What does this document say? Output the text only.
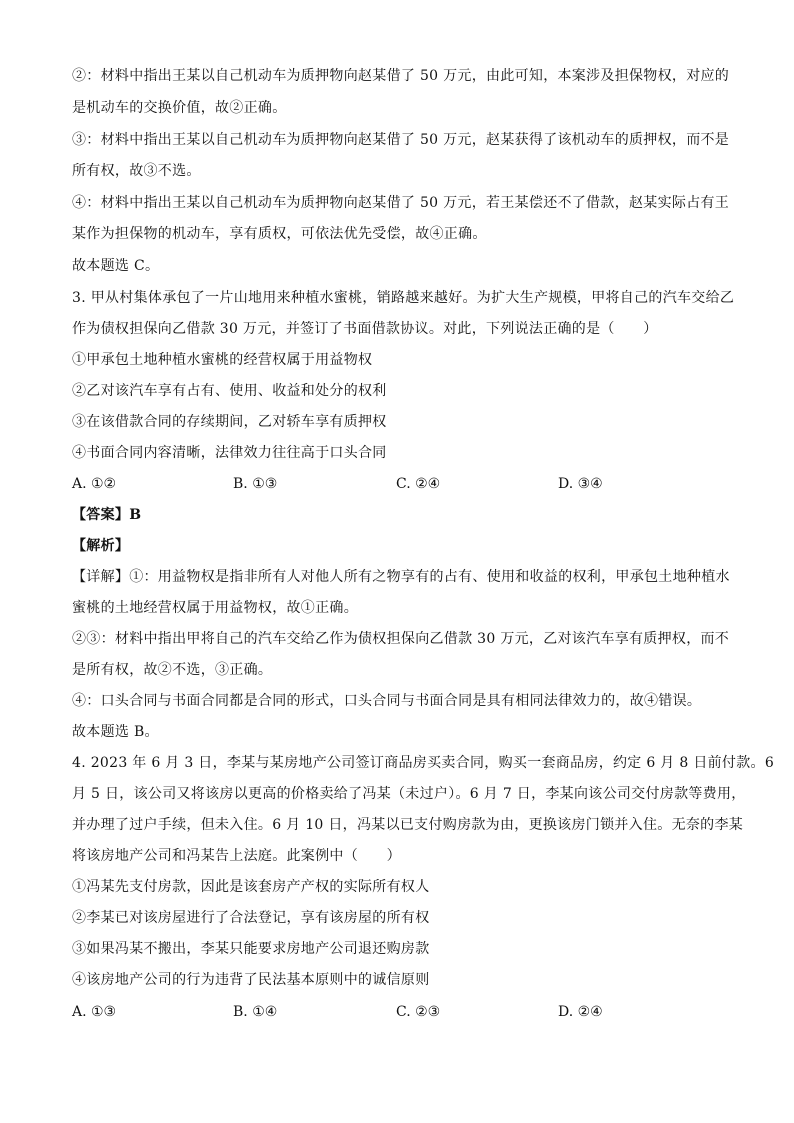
②：材料中指出王某以自己机动车为质押物向赵某借了 50 万元，由此可知，本案涉及担保物权，对应的
是机动车的交换价值，故②正确。
③：材料中指出王某以自己机动车为质押物向赵某借了 50 万元，赵某获得了该机动车的质押权，而不是
所有权，故③不选。
④：材料中指出王某以自己机动车为质押物向赵某借了 50 万元，若王某偿还不了借款，赵某实际占有王
某作为担保物的机动车，享有质权，可依法优先受偿，故④正确。
故本题选 C。
3. 甲从村集体承包了一片山地用来种植水蜜桃，销路越来越好。为扩大生产规模，甲将自己的汽车交给乙
作为债权担保向乙借款 30 万元，并签订了书面借款协议。对此，下列说法正确的是（　　）
①甲承包土地种植水蜜桃的经营权属于用益物权
②乙对该汽车享有占有、使用、收益和处分的权利
③在该借款合同的存续期间，乙对轿车享有质押权
④书面合同内容清晰，法律效力往往高于口头合同
A. ①②	B. ①③	C. ②④	D. ③④
【答案】B
【解析】
【详解】①：用益物权是指非所有人对他人所有之物享有的占有、使用和收益的权利，甲承包土地种植水
蜜桃的土地经营权属于用益物权，故①正确。
②③：材料中指出甲将自己的汽车交给乙作为债权担保向乙借款 30 万元，乙对该汽车享有质押权，而不
是所有权，故②不选，③正确。
④：口头合同与书面合同都是合同的形式，口头合同与书面合同是具有相同法律效力的，故④错误。
故本题选 B。
4. 2023 年 6 月 3 日，李某与某房地产公司签订商品房买卖合同，购买一套商品房，约定 6 月 8 日前付款。6
月 5 日，该公司又将该房以更高的价格卖给了冯某（未过户）。6 月 7 日，李某向该公司交付房款等费用，
并办理了过户手续，但未入住。6 月 10 日，冯某以已支付购房款为由，更换该房门锁并入住。无奈的李某
将该房地产公司和冯某告上法庭。此案例中（　　）
①冯某先支付房款，因此是该套房产产权的实际所有权人
②李某已对该房屋进行了合法登记，享有该房屋的所有权
③如果冯某不搬出，李某只能要求房地产公司退还购房款
④该房地产公司的行为违背了民法基本原则中的诚信原则
A. ①③	B. ①④	C. ②③	D. ②④
